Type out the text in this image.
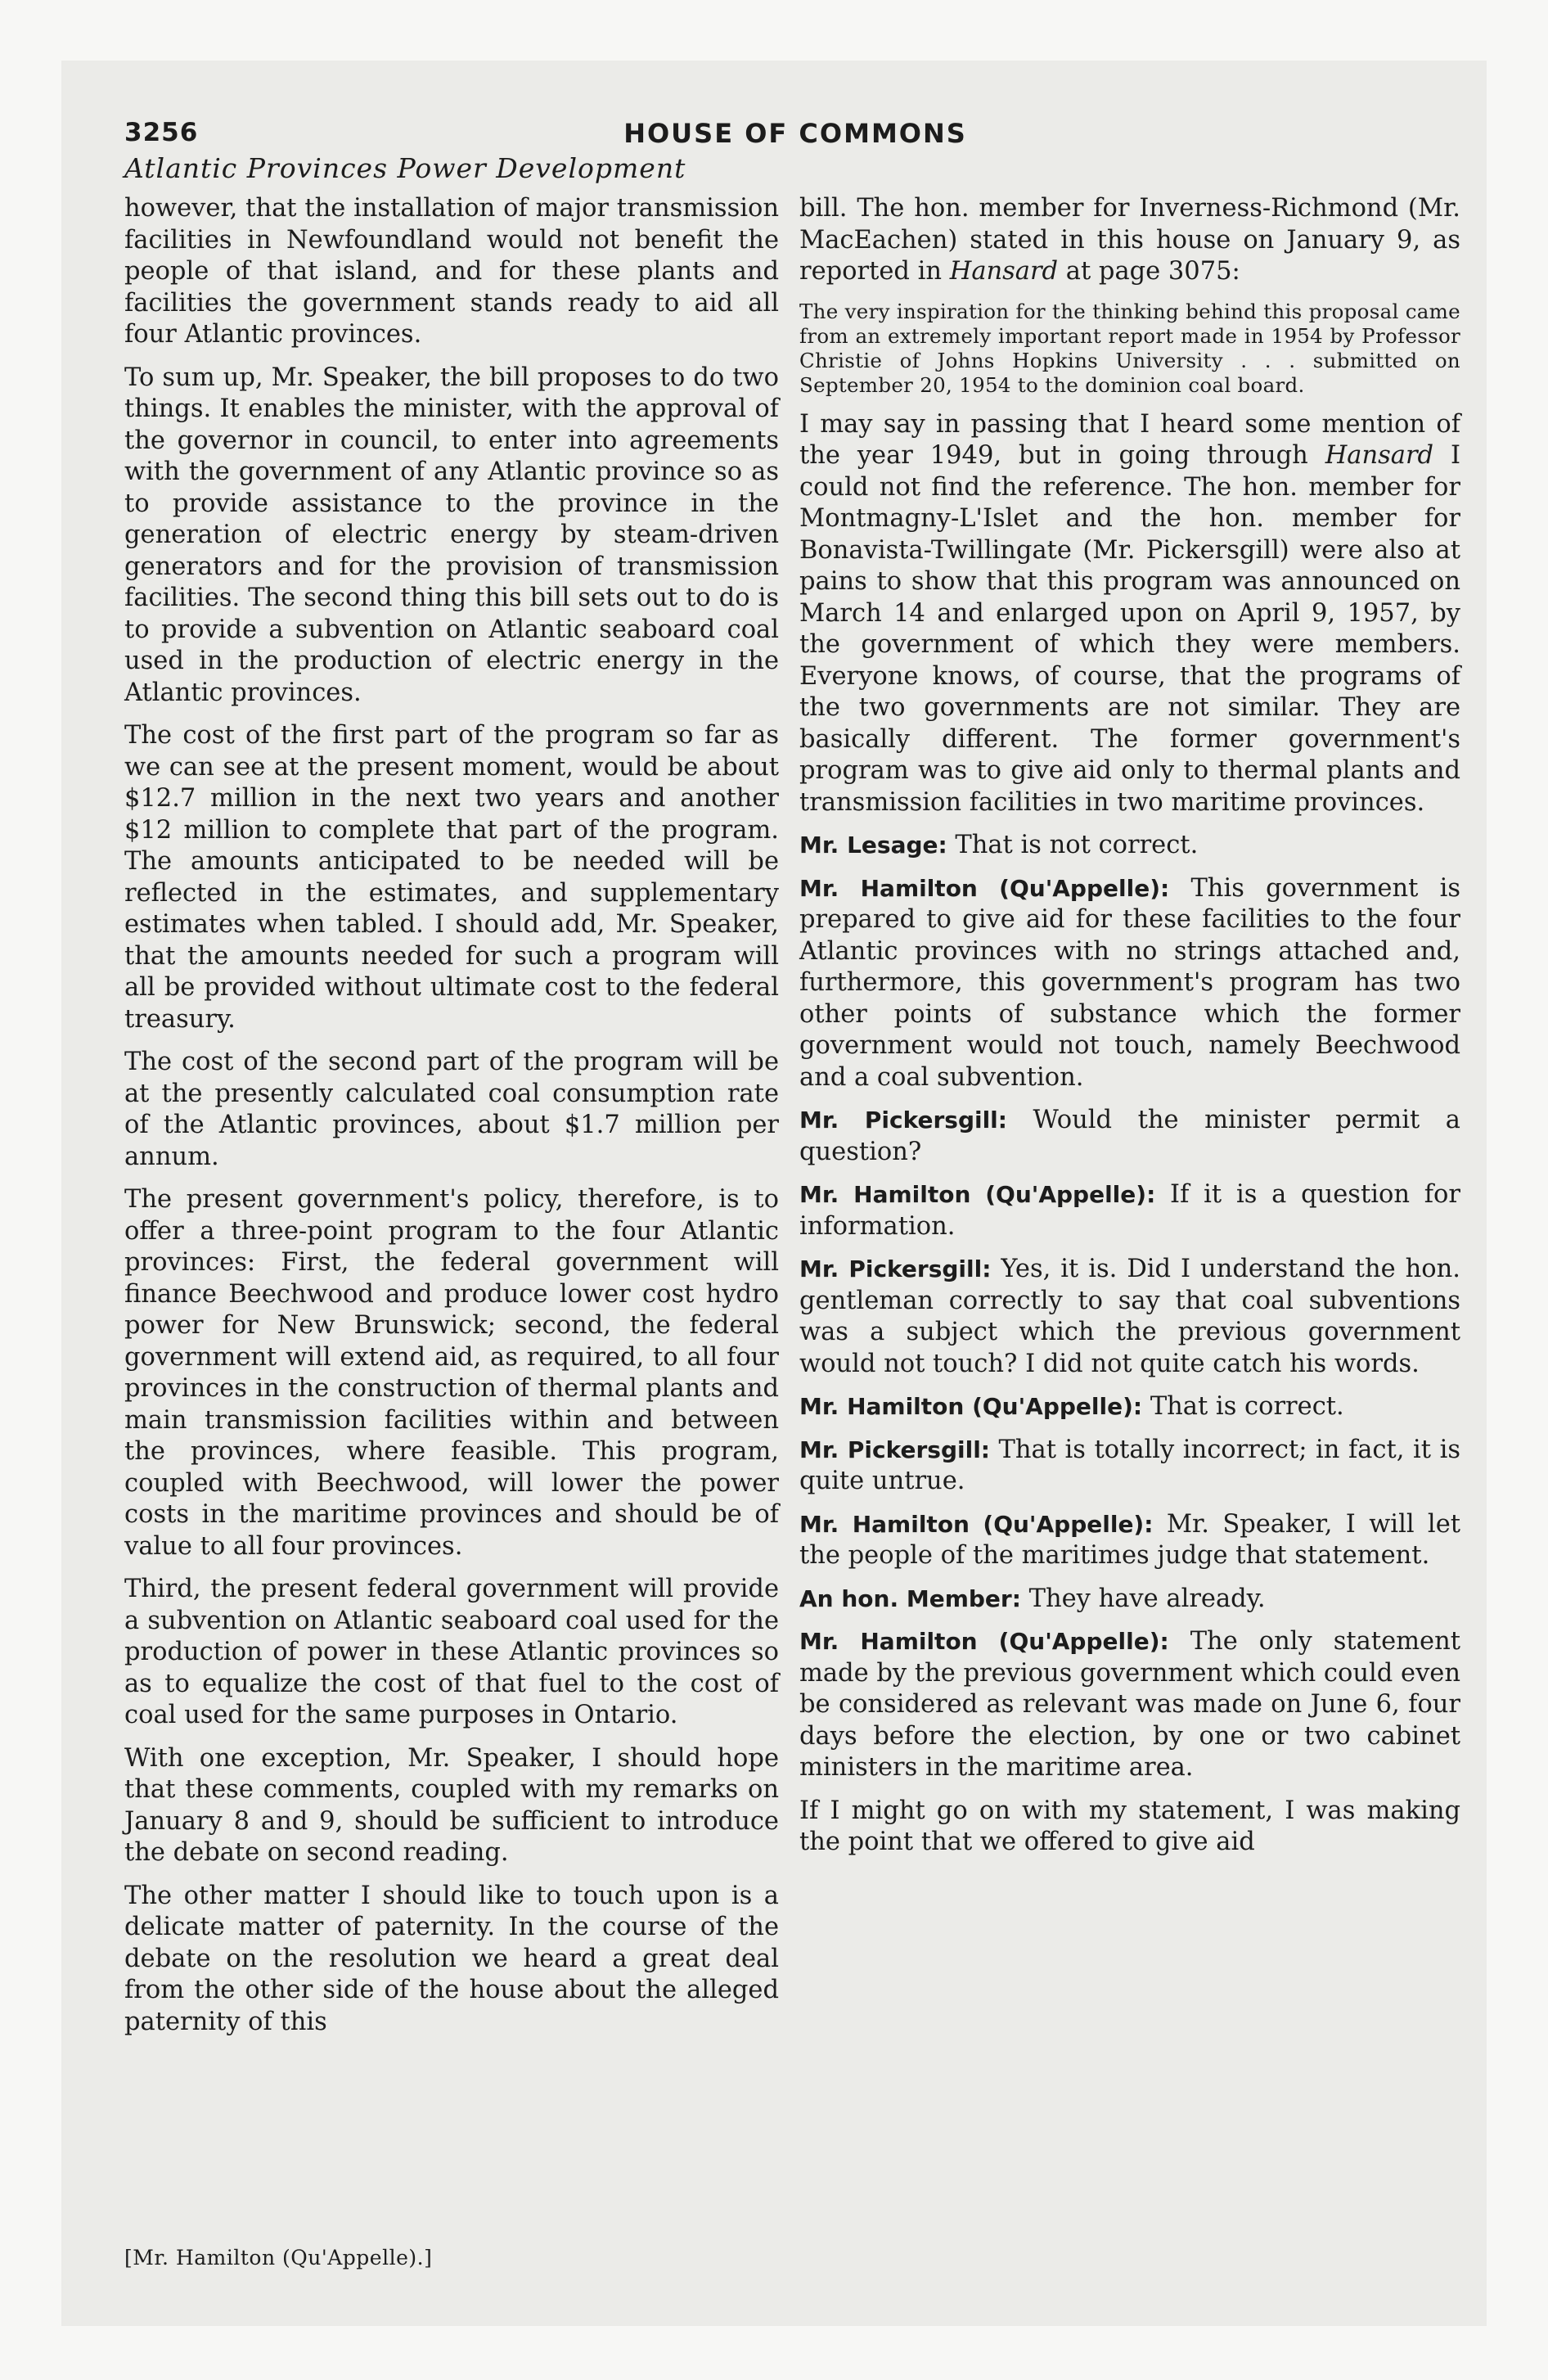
3256	HOUSE OF COMMONS
Atlantic Provinces Power Development

however, that the installation of major transmission facilities in Newfoundland would not benefit the people of that island, and for these plants and facilities the government stands ready to aid all four Atlantic provinces.

To sum up, Mr. Speaker, the bill proposes to do two things. It enables the minister, with the approval of the governor in council, to enter into agreements with the government of any Atlantic province so as to provide assistance to the province in the generation of electric energy by steam-driven generators and for the provision of transmission facilities. The second thing this bill sets out to do is to provide a subvention on Atlantic seaboard coal used in the production of electric energy in the Atlantic provinces.

The cost of the first part of the program so far as we can see at the present moment, would be about $12.7 million in the next two years and another $12 million to complete that part of the program. The amounts anticipated to be needed will be reflected in the estimates, and supplementary estimates when tabled. I should add, Mr. Speaker, that the amounts needed for such a program will all be provided without ultimate cost to the federal treasury.

The cost of the second part of the program will be at the presently calculated coal consumption rate of the Atlantic provinces, about $1.7 million per annum.

The present government's policy, therefore, is to offer a three-point program to the four Atlantic provinces: First, the federal government will finance Beechwood and produce lower cost hydro power for New Brunswick; second, the federal government will extend aid, as required, to all four provinces in the construction of thermal plants and main transmission facilities within and between the provinces, where feasible. This program, coupled with Beechwood, will lower the power costs in the maritime provinces and should be of value to all four provinces.

Third, the present federal government will provide a subvention on Atlantic seaboard coal used for the production of power in these Atlantic provinces so as to equalize the cost of that fuel to the cost of coal used for the same purposes in Ontario.

With one exception, Mr. Speaker, I should hope that these comments, coupled with my remarks on January 8 and 9, should be sufficient to introduce the debate on second reading.

The other matter I should like to touch upon is a delicate matter of paternity. In the course of the debate on the resolution we heard a great deal from the other side of the house about the alleged paternity of this

bill. The hon. member for Inverness-Richmond (Mr. MacEachen) stated in this house on January 9, as reported in Hansard at page 3075:

The very inspiration for the thinking behind this proposal came from an extremely important report made in 1954 by Professor Christie of Johns Hopkins University . . . submitted on September 20, 1954 to the dominion coal board.

I may say in passing that I heard some mention of the year 1949, but in going through Hansard I could not find the reference. The hon. member for Montmagny-L'Islet and the hon. member for Bonavista-Twillingate (Mr. Pickersgill) were also at pains to show that this program was announced on March 14 and enlarged upon on April 9, 1957, by the government of which they were members. Everyone knows, of course, that the programs of the two governments are not similar. They are basically different. The former government's program was to give aid only to thermal plants and transmission facilities in two maritime provinces.

Mr. Lesage: That is not correct.

Mr. Hamilton (Qu'Appelle): This government is prepared to give aid for these facilities to the four Atlantic provinces with no strings attached and, furthermore, this government's program has two other points of substance which the former government would not touch, namely Beechwood and a coal subvention.

Mr. Pickersgill: Would the minister permit a question?

Mr. Hamilton (Qu'Appelle): If it is a question for information.

Mr. Pickersgill: Yes, it is. Did I understand the hon. gentleman correctly to say that coal subventions was a subject which the previous government would not touch? I did not quite catch his words.

Mr. Hamilton (Qu'Appelle): That is correct.

Mr. Pickersgill: That is totally incorrect; in fact, it is quite untrue.

Mr. Hamilton (Qu'Appelle): Mr. Speaker, I will let the people of the maritimes judge that statement.

An hon. Member: They have already.

Mr. Hamilton (Qu'Appelle): The only statement made by the previous government which could even be considered as relevant was made on June 6, four days before the election, by one or two cabinet ministers in the maritime area.

If I might go on with my statement, I was making the point that we offered to give aid

[Mr. Hamilton (Qu'Appelle).]
